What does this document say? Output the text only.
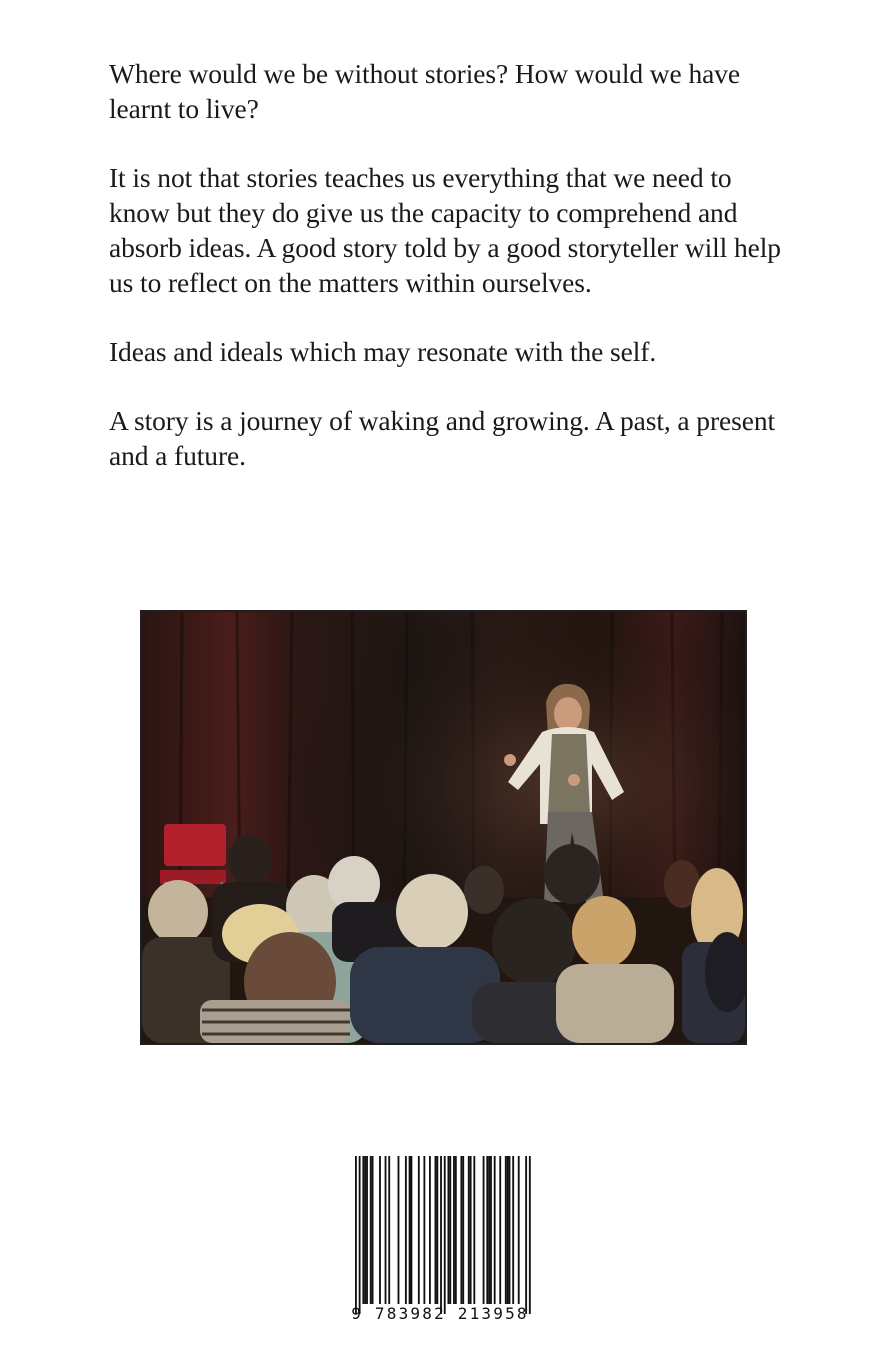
Where would we be without stories? How would we have learnt to live?

It is not that stories teaches us everything that we need to know but they do give us the capacity to comprehend and absorb ideas. A good story told by a good storyteller will help us to reflect on the matters within ourselves.

Ideas and ideals which may resonate with the self.

A story is a journey of waking and growing. A past, a present and a future.

9 783982 213958
